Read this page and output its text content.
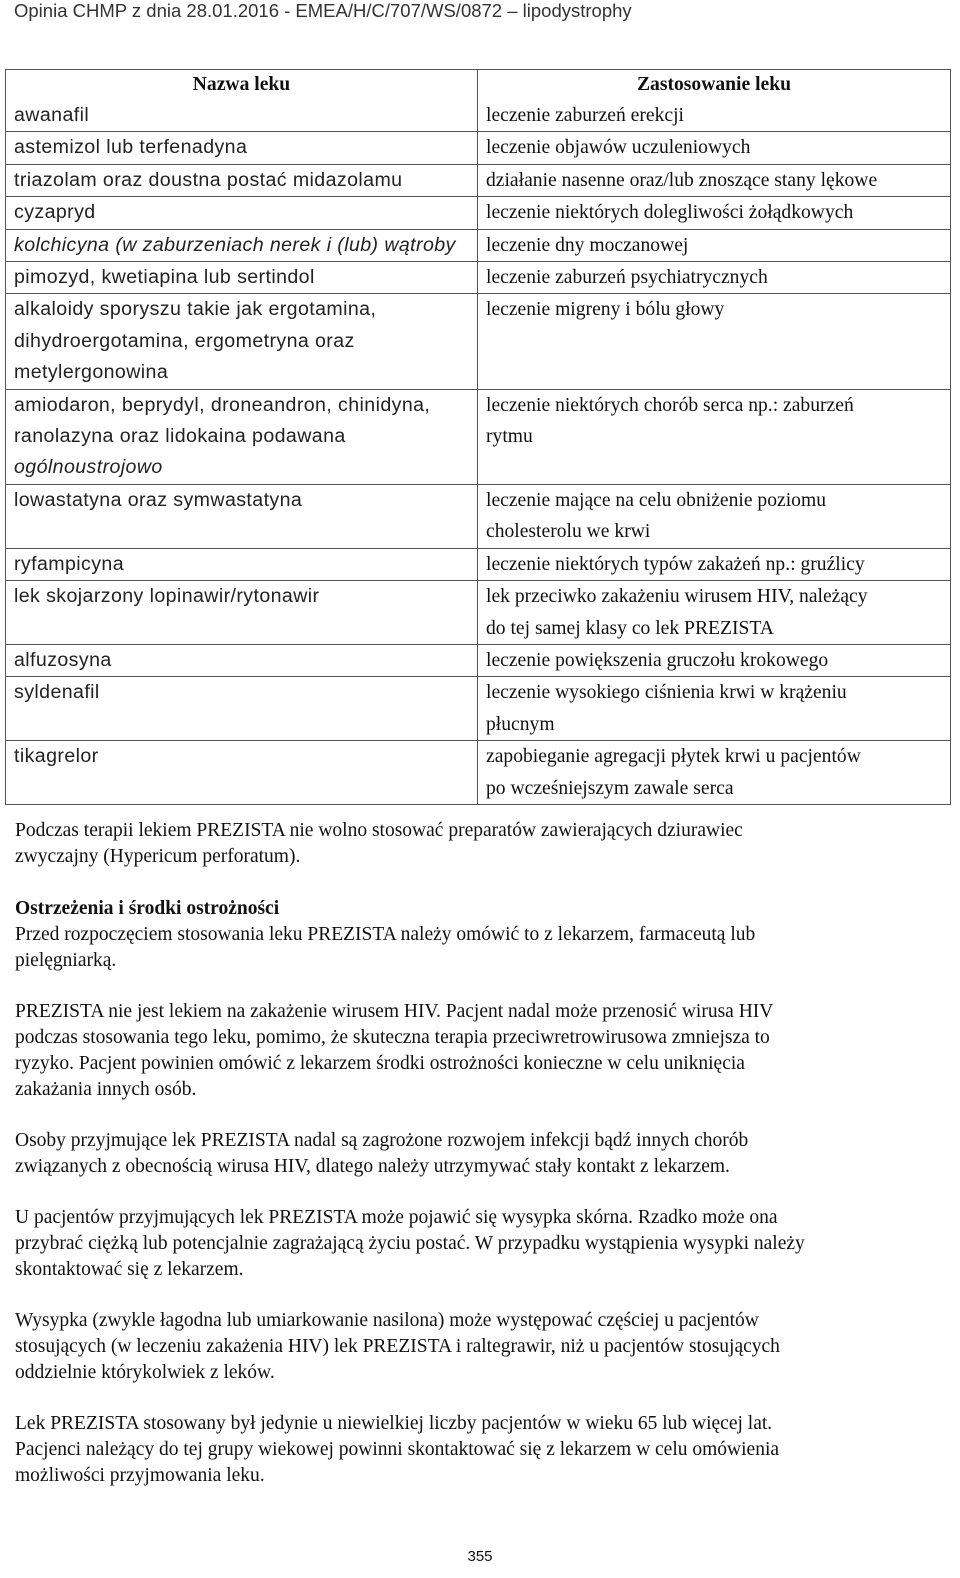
Opinia CHMP z dnia 28.01.2016 - EMEA/H/C/707/WS/0872 – lipodystrophy
Nazwa leku	Zastosowanie leku

awanafil	leczenie zaburzeń erekcji

astemizol lub terfenadyna	leczenie objawów uczuleniowych

triazolam oraz doustna postać midazolamu	działanie nasenne oraz/lub znoszące stany lękowe

cyzapryd	leczenie niektórych dolegliwości żołądkowych

kolchicyna (w zaburzeniach nerek i (lub) wątroby	leczenie dny moczanowej

pimozyd, kwetiapina lub sertindol	leczenie zaburzeń psychiatrycznych

alkaloidy sporyszu takie jak ergotamina,
dihydroergotamina, ergometryna oraz
metylergonowina	leczenie migreny i bólu głowy

amiodaron, beprydyl, droneandron, chinidyna,
ranolazyna oraz lidokaina podawana
ogólnoustrojowo	leczenie niektórych chorób serca np.: zaburzeń
rytmu

lowastatyna oraz symwastatyna	leczenie mające na celu obniżenie poziomu
cholesterolu we krwi

ryfampicyna	leczenie niektórych typów zakażeń np.: gruźlicy

lek skojarzony lopinawir/rytonawir	lek przeciwko zakażeniu wirusem HIV, należący
do tej samej klasy co lek PREZISTA

alfuzosyna	leczenie powiększenia gruczołu krokowego

syldenafil	leczenie wysokiego ciśnienia krwi w krążeniu
płucnym

tikagrelor	zapobieganie agregacji płytek krwi u pacjentów
po wcześniejszym zawale serca

Podczas terapii lekiem PREZISTA nie wolno stosować preparatów zawierających dziurawiec

zwyczajny (Hypericum perforatum).

Ostrzeżenia i środki ostrożności

Przed rozpoczęciem stosowania leku PREZISTA należy omówić to z lekarzem, farmaceutą lub

pielęgniarką.

PREZISTA nie jest lekiem na zakażenie wirusem HIV. Pacjent nadal może przenosić wirusa HIV

podczas stosowania tego leku, pomimo, że skuteczna terapia przeciwretrowirusowa zmniejsza to

ryzyko. Pacjent powinien omówić z lekarzem środki ostrożności konieczne w celu uniknięcia

zakażania innych osób.

Osoby przyjmujące lek PREZISTA nadal są zagrożone rozwojem infekcji bądź innych chorób

związanych z obecnością wirusa HIV, dlatego należy utrzymywać stały kontakt z lekarzem.

U pacjentów przyjmujących lek PREZISTA może pojawić się wysypka skórna. Rzadko może ona

przybrać ciężką lub potencjalnie zagrażającą życiu postać. W przypadku wystąpienia wysypki należy

skontaktować się z lekarzem.

Wysypka (zwykle łagodna lub umiarkowanie nasilona) może występować częściej u pacjentów

stosujących (w leczeniu zakażenia HIV) lek PREZISTA i raltegrawir, niż u pacjentów stosujących

oddzielnie którykolwiek z leków.

Lek PREZISTA stosowany był jedynie u niewielkiej liczby pacjentów w wieku 65 lub więcej lat.

Pacjenci należący do tej grupy wiekowej powinni skontaktować się z lekarzem w celu omówienia

możliwości przyjmowania leku.

355
